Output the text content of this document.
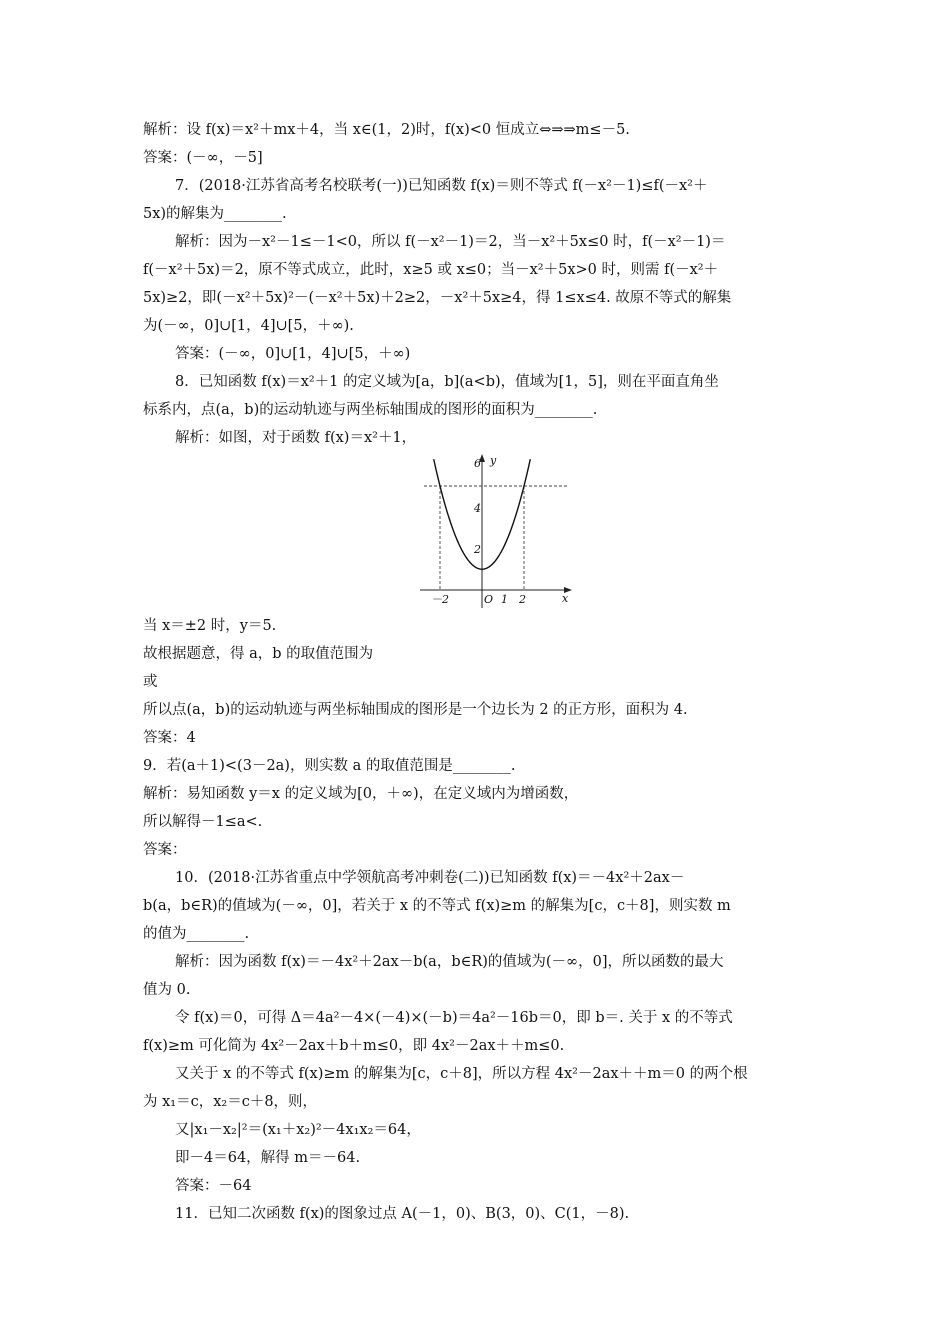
解析：设 f(x)＝x²＋mx＋4，当 x∈(1，2)时，f(x)<0 恒成立⇔⇒⇒m≤－5.
答案：(－∞，－5]
7．(2018·江苏省高考名校联考(一))已知函数 f(x)＝则不等式 f(－x²－1)≤f(－x²＋
5x)的解集为________.
解析：因为－x²－1≤－1<0，所以 f(－x²－1)＝2，当－x²＋5x≤0 时，f(－x²－1)＝
f(－x²＋5x)＝2，原不等式成立，此时，x≥5 或 x≤0；当－x²＋5x>0 时，则需 f(－x²＋
5x)≥2，即(－x²＋5x)²－(－x²＋5x)＋2≥2，－x²＋5x≥4，得 1≤x≤4. 故原不等式的解集
为(－∞，0]∪[1，4]∪[5，＋∞).
答案：(－∞，0]∪[1，4]∪[5，＋∞)
8．已知函数 f(x)＝x²＋1 的定义域为[a，b](a<b)，值域为[1，5]，则在平面直角坐
标系内，点(a，b)的运动轨迹与两坐标轴围成的图形的面积为________.
解析：如图，对于函数 f(x)＝x²＋1，
y
x
O
6
4
2
－2	1 2
当 x＝±2 时，y＝5.
故根据题意，得 a，b 的取值范围为
或
所以点(a，b)的运动轨迹与两坐标轴围成的图形是一个边长为 2 的正方形，面积为 4.
答案：4
9．若(a＋1)<(3－2a)，则实数 a 的取值范围是________.
解析：易知函数 y＝x 的定义域为[0，＋∞)，在定义域内为增函数，
所以解得－1≤a<.
答案：
10．(2018·江苏省重点中学领航高考冲刺卷(二))已知函数 f(x)＝－4x²＋2ax－
b(a，b∈R)的值域为(－∞，0]，若关于 x 的不等式 f(x)≥m 的解集为[c，c＋8]，则实数 m
的值为________.
解析：因为函数 f(x)＝－4x²＋2ax－b(a，b∈R)的值域为(－∞，0]，所以函数的最大
值为 0.
令 f(x)＝0，可得 Δ＝4a²－4×(－4)×(－b)＝4a²－16b＝0，即 b＝. 关于 x 的不等式
f(x)≥m 可化简为 4x²－2ax＋b＋m≤0，即 4x²－2ax＋＋m≤0.
又关于 x 的不等式 f(x)≥m 的解集为[c，c＋8]，所以方程 4x²－2ax＋＋m＝0 的两个根
为 x₁＝c，x₂＝c＋8，则，
又|x₁－x₂|²＝(x₁＋x₂)²－4x₁x₂＝64，
即－4＝64，解得 m＝－64.
答案：－64
11．已知二次函数 f(x)的图象过点 A(－1，0)、B(3，0)、C(1，－8).
